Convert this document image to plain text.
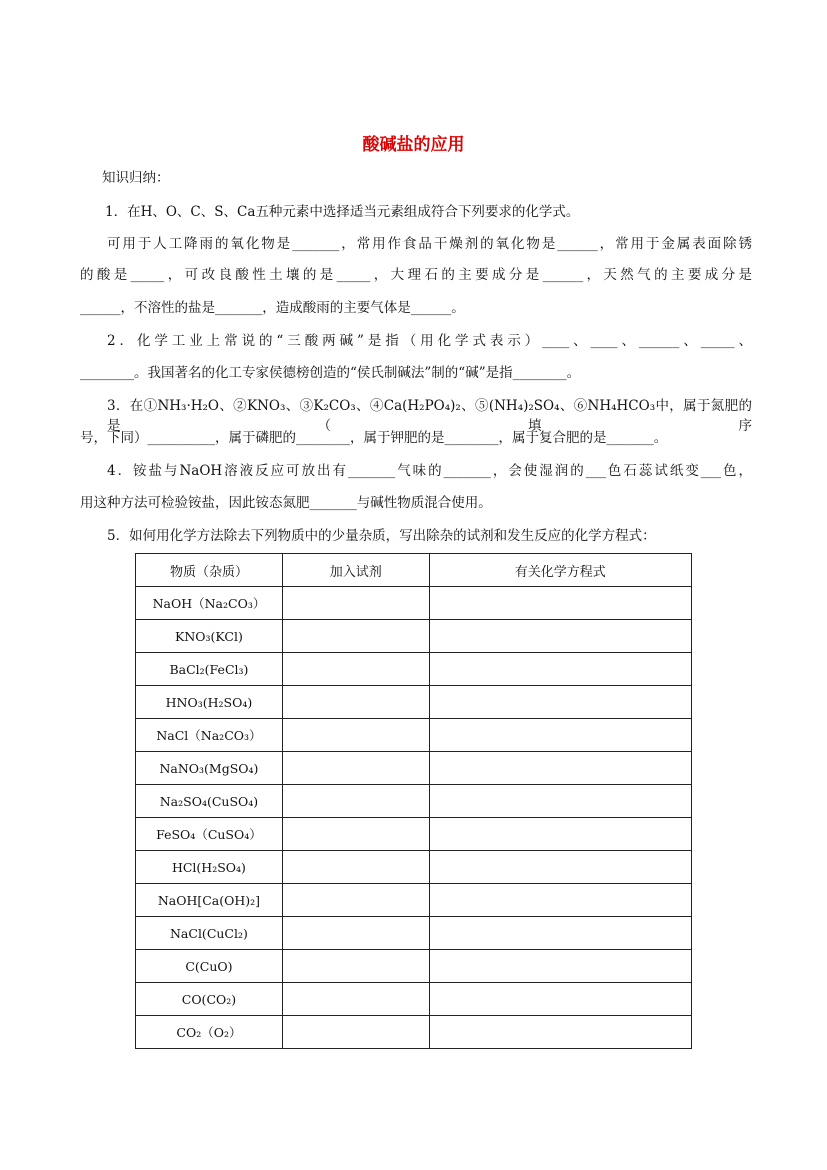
酸碱盐的应用
知识归纳：
1．在H、O、C、S、Ca五种元素中选择适当元素组成符合下列要求的化学式。
可用于人工降雨的氧化物是_______，常用作食品干燥剂的氧化物是______，常用于金属表面除锈
的酸是_____，可改良酸性土壤的是_____，大理石的主要成分是______，天然气的主要成分是
______，不溶性的盐是_______，造成酸雨的主要气体是______。
2．化学工业上常说的“三酸两碱”是指（用化学式表示）____、____、______、_____、
________。我国著名的化工专家侯德榜创造的“侯氏制碱法”制的“碱”是指________。
3．在①NH₃·H₂O、②KNO₃、③K₂CO₃、④Ca(H₂PO₄)₂、⑤(NH₄)₂SO₄、⑥NH₄HCO₃中，属于氮肥的是（填序
号，下同）__________，属于磷肥的________，属于钾肥的是________，属于复合肥的是_______。
4．铵盐与NaOH溶液反应可放出有_______气味的_______，会使湿润的___色石蕊试纸变___色，
用这种方法可检验铵盐，因此铵态氮肥_______与碱性物质混合使用。
5．如何用化学方法除去下列物质中的少量杂质，写出除杂的试剂和发生反应的化学方程式：
物质（杂质）	加入试剂	有关化学方程式
NaOH（Na₂CO₃）		
KNO₃(KCl)		
BaCl₂(FeCl₃)		
HNO₃(H₂SO₄)		
NaCl（Na₂CO₃）		
NaNO₃(MgSO₄)		
Na₂SO₄(CuSO₄)		
FeSO₄（CuSO₄）		
HCl(H₂SO₄)		
NaOH[Ca(OH)₂]		
NaCl(CuCl₂)		
C(CuO)		
CO(CO₂)		
CO₂（O₂）		
